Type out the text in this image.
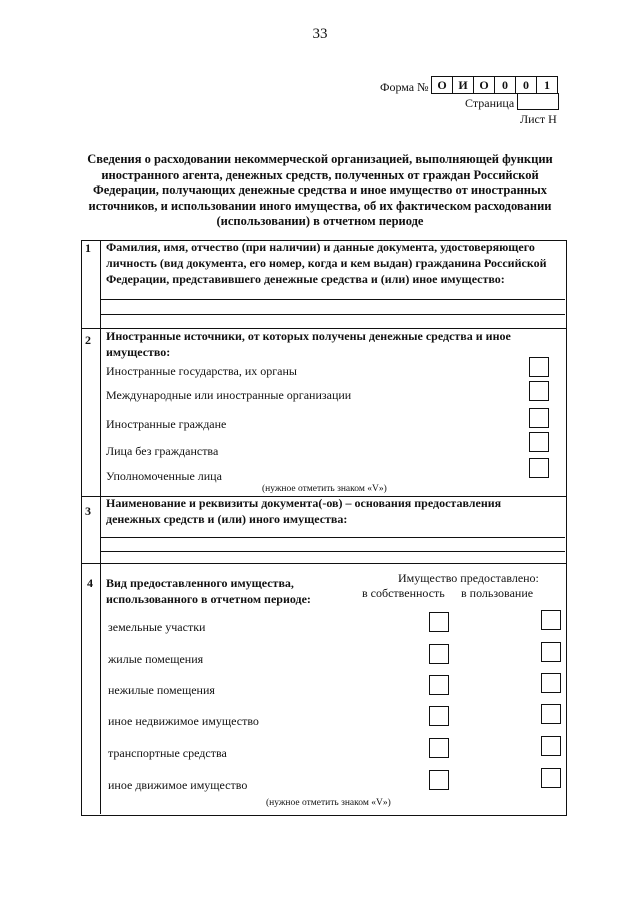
33
Форма № О И О	0	0	1
Страница
Лист Н
Сведения о расходовании некоммерческой организацией, выполняющей функции иностранного агента, денежных средств, полученных от граждан Российской Федерации, получающих денежные средства и иное имущество от иностранных источников, и использовании иного имущества, об их фактическом расходовании (использовании) в отчетном периоде
1 Фамилия, имя, отчество (при наличии) и данные документа, удостоверяющего личность (вид документа, его номер, когда и кем выдан) гражданина Российской Федерации, представившего денежные средства и (или) иное имущество:
2 Иностранные источники, от которых получены денежные средства и иное имущество:
Иностранные государства, их органы
Международные или иностранные организации
Иностранные граждане
Лица без гражданства
Уполномоченные лица
(нужное отметить знаком «V»)
3
Наименование и реквизиты документа(-ов) – основания предоставления денежных средств и (или) иного имущества:
4 Вид предоставленного имущества, использованного в отчетном периоде:
Имущество предоставлено:
в собственность в пользование
земельные участки
жилые помещения
нежилые помещения
иное недвижимое имущество
транспортные средства
иное движимое имущество
(нужное отметить знаком «V»)
